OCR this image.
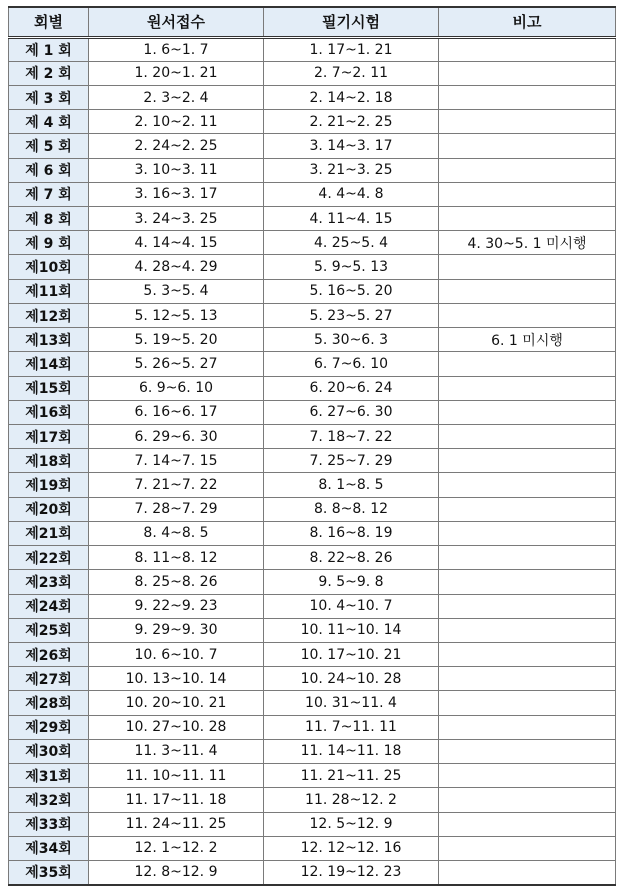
회별	원서접수	필기시험	비고
제 1 회	1. 6~1. 7	1. 17~1. 21	
제 2 회	1. 20~1. 21	2. 7~2. 11	
제 3 회	2. 3~2. 4	2. 14~2. 18	
제 4 회	2. 10~2. 11	2. 21~2. 25	
제 5 회	2. 24~2. 25	3. 14~3. 17	
제 6 회	3. 10~3. 11	3. 21~3. 25	
제 7 회	3. 16~3. 17	4. 4~4. 8	
제 8 회	3. 24~3. 25	4. 11~4. 15	
제 9 회	4. 14~4. 15	4. 25~5. 4	4. 30~5. 1 미시행
제10회	4. 28~4. 29	5. 9~5. 13	
제11회	5. 3~5. 4	5. 16~5. 20	
제12회	5. 12~5. 13	5. 23~5. 27	
제13회	5. 19~5. 20	5. 30~6. 3	6. 1 미시행
제14회	5. 26~5. 27	6. 7~6. 10	
제15회	6. 9~6. 10	6. 20~6. 24	
제16회	6. 16~6. 17	6. 27~6. 30	
제17회	6. 29~6. 30	7. 18~7. 22	
제18회	7. 14~7. 15	7. 25~7. 29	
제19회	7. 21~7. 22	8. 1~8. 5	
제20회	7. 28~7. 29	8. 8~8. 12	
제21회	8. 4~8. 5	8. 16~8. 19	
제22회	8. 11~8. 12	8. 22~8. 26	
제23회	8. 25~8. 26	9. 5~9. 8	
제24회	9. 22~9. 23	10. 4~10. 7	
제25회	9. 29~9. 30	10. 11~10. 14	
제26회	10. 6~10. 7	10. 17~10. 21	
제27회	10. 13~10. 14	10. 24~10. 28	
제28회	10. 20~10. 21	10. 31~11. 4	
제29회	10. 27~10. 28	11. 7~11. 11	
제30회	11. 3~11. 4	11. 14~11. 18	
제31회	11. 10~11. 11	11. 21~11. 25	
제32회	11. 17~11. 18	11. 28~12. 2	
제33회	11. 24~11. 25	12. 5~12. 9	
제34회	12. 1~12. 2	12. 12~12. 16	
제35회	12. 8~12. 9	12. 19~12. 23	
